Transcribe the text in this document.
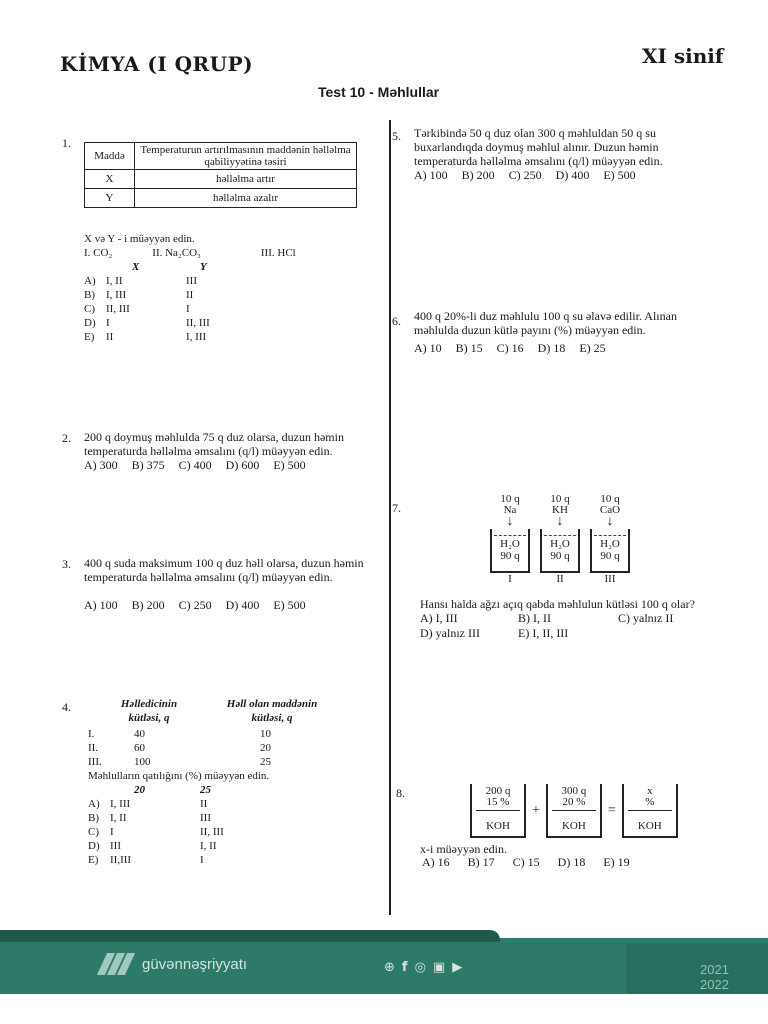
KİMYA (I QRUP)	XI sinif
Test 10 - Məhlullar
1.
Maddə	Temperaturun artırılmasının maddənin həlləlma qabiliyyətinə təsiri
X	həlləlma artır
Y	həlləlma azalır
X və Y - i müəyyən edin.
I. CO₂	II. Na₂CO₃	III. HCl
X	Y
A) I, II	III
B)	I, III	II
C)	II, III	I
D) I	II, III
E)	II	I, III
2. 200 q doymuş məhlulda 75 q duz olarsa, duzun həmin temperaturda həlləlma əmsalını (q/l) müəyyən edin.
A) 300 B) 375 C) 400 D) 600 E) 500
3. 400 q suda maksimum 100 q duz həll olarsa, duzun həmin temperaturda həlləlma əmsalını (q/l) müəyyən edin.
A) 100 B) 200 C) 250 D) 400 E) 500
4.	Həlledicinin kütləsi, q
Həll olan maddənin kütləsi, q
I.	40	10
II.	60	20
III.	100	25
Məhlulların qatılığını (%) müəyyən edin.
20	25
A) I, III	II
B)	I, II	III
C)	I	II, III
D) III	I, II
E)	II,III	I
5. Tərkibində 50 q duz olan 300 q məhluldan 50 q su buxarlandıqda doymuş məhlul alınır. Duzun həmin temperaturda həlləlma əmsalını (q/l) müəyyən edin.
A) 100 B) 200 C) 250 D) 400 E) 500
6. 400 q 20%-li duz məhlulu 100 q su əlavə edilir. Alınan məhlulda duzun kütlə payını (%) müəyyən edin.
A) 10 B) 15 C) 16 D) 18 E) 25
7.
10 q
Na
↓
H₂O
90 q
I
10 q
KH
↓
H₂O
90 q
II
10 q
CaO
↓
H₂O
90 q
III
Hansı halda ağzı açıq qabda məhlulun kütləsi 100 q olar?
A) I, III	B) I, II	C) yalnız II
D) yalnız III	E) I, II, III
8.	200 q
15 %
KOH
+
300 q
20 %
KOH
=
x
%
KOH
x-i müəyyən edin.
A) 16 B) 17 C) 15 D) 18 E) 19
güvənnəşriyyatı	⊕ f ◎ ▣ ▶	2021
2022
